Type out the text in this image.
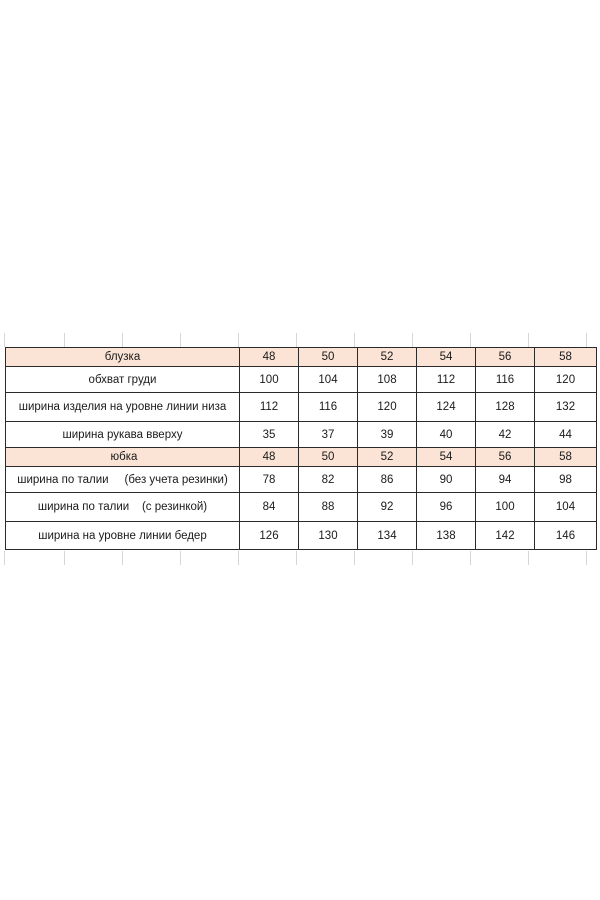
блузка	48	50	52	54	56	58
обхват груди	100	104	108	112	116	120
ширина изделия на уровне линии низа	112	116	120	124	128	132
ширина рукава вверху	35	37	39	40	42	44
юбка	48	50	52	54	56	58
ширина по талии     (без учета резинки)	78	82	86	90	94	98
ширина по талии    (с резинкой)	84	88	92	96	100	104
ширина на уровне линии бедер	126	130	134	138	142	146
